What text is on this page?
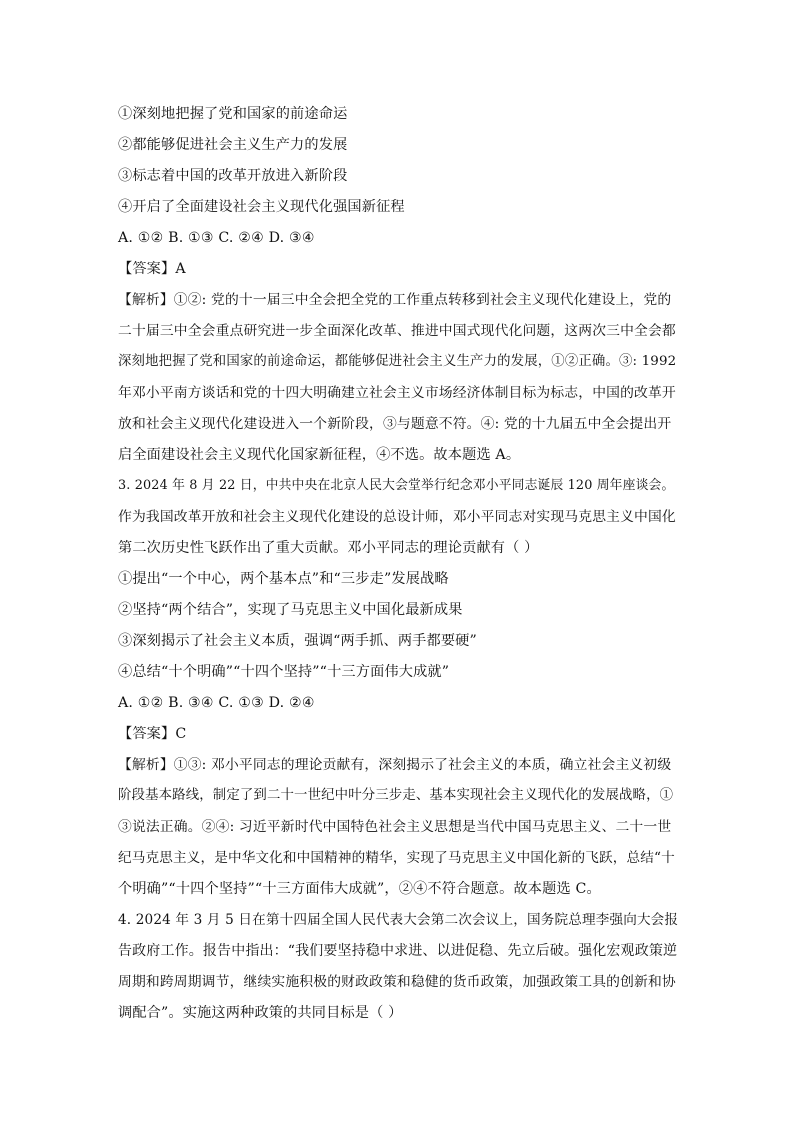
①深刻地把握了党和国家的前途命运
②都能够促进社会主义生产力的发展
③标志着中国的改革开放进入新阶段
④开启了全面建设社会主义现代化强国新征程
A. ①② B. ①③ C. ②④ D. ③④
【答案】A
【解析】①②: 党的十一届三中全会把全党的工作重点转移到社会主义现代化建设上，党的
二十届三中全会重点研究进一步全面深化改革、推进中国式现代化问题，这两次三中全会都
深刻地把握了党和国家的前途命运，都能够促进社会主义生产力的发展，①②正确。③: 1992
年邓小平南方谈话和党的十四大明确建立社会主义市场经济体制目标为标志，中国的改革开
放和社会主义现代化建设进入一个新阶段，③与题意不符。④: 党的十九届五中全会提出开
启全面建设社会主义现代化国家新征程，④不选。故本题选 A。
3. 2024 年 8 月 22 日，中共中央在北京人民大会堂举行纪念邓小平同志诞辰 120 周年座谈会。
作为我国改革开放和社会主义现代化建设的总设计师，邓小平同志对实现马克思主义中国化
第二次历史性飞跃作出了重大贡献。邓小平同志的理论贡献有（ ）
①提出“一个中心，两个基本点”和“三步走”发展战略
②坚持“两个结合”，实现了马克思主义中国化最新成果
③深刻揭示了社会主义本质，强调“两手抓、两手都要硬”
④总结“十个明确”“十四个坚持”“十三方面伟大成就”
A. ①② B. ③④ C. ①③ D. ②④
【答案】C
【解析】①③: 邓小平同志的理论贡献有，深刻揭示了社会主义的本质，确立社会主义初级
阶段基本路线，制定了到二十一世纪中叶分三步走、基本实现社会主义现代化的发展战略，①
③说法正确。②④: 习近平新时代中国特色社会主义思想是当代中国马克思主义、二十一世
纪马克思主义，是中华文化和中国精神的精华，实现了马克思主义中国化新的飞跃，总结“十
个明确”“十四个坚持”“十三方面伟大成就”，②④不符合题意。故本题选 C。
4. 2024 年 3 月 5 日在第十四届全国人民代表大会第二次会议上，国务院总理李强向大会报
告政府工作。报告中指出：“我们要坚持稳中求进、以进促稳、先立后破。强化宏观政策逆
周期和跨周期调节，继续实施积极的财政政策和稳健的货币政策，加强政策工具的创新和协
调配合”。实施这两种政策的共同目标是（ ）
